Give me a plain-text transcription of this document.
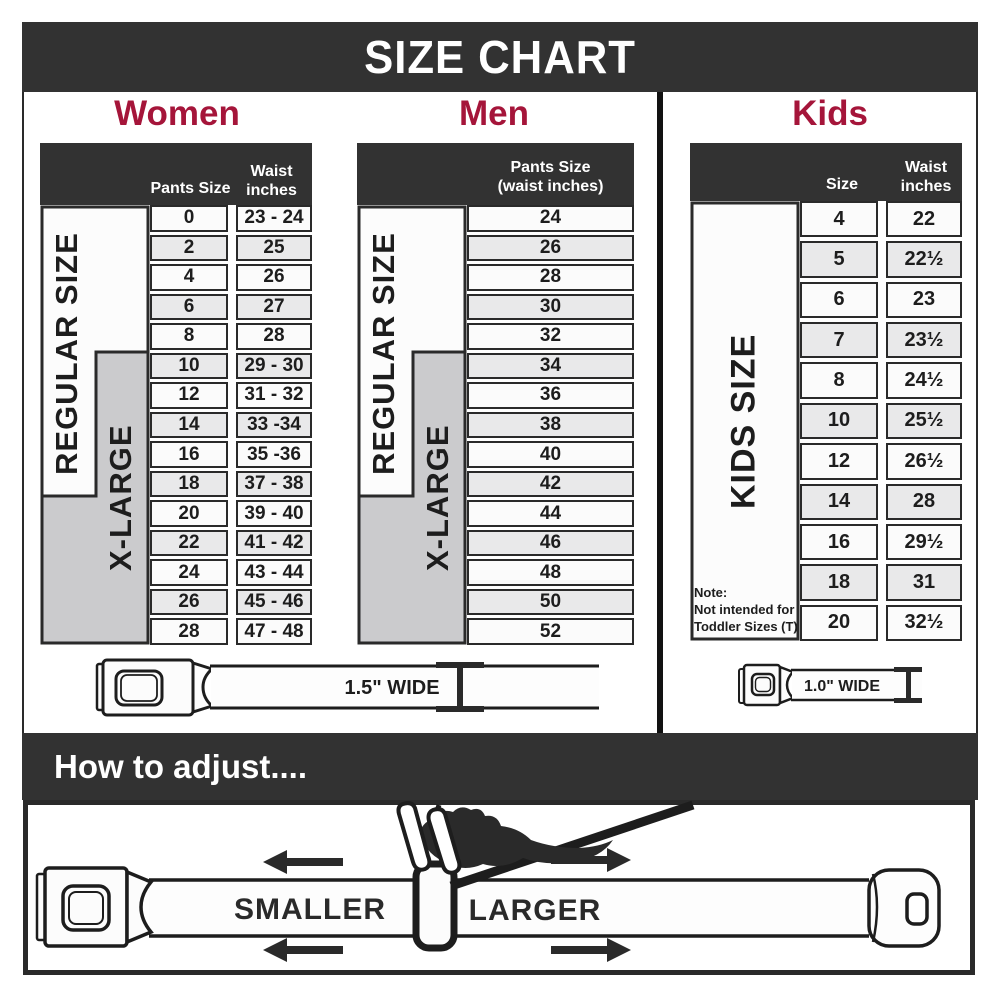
SIZE CHART
Women	Men	Kids
Pants Size
Waist
inches
REGULAR SIZE
X-LARGE
0	23 - 24
2	25
4	26
6	27
8	28
10	29 - 30
12	31 - 32
14	33 -34
16	35 -36
18	37 - 38
20	39 - 40
22	41 - 42
24	43 - 44
26	45 - 46
28	47 - 48
Pants Size
(waist inches)
REGULAR SIZE
X-LARGE
24
26
28
30
32
34
36
38
40
42
44
46
48
50
52
Size
Waist
inches
KIDS SIZE
Note:
Not intended for
Toddler Sizes (T)
4	22
5	22½
6	23
7	23½
8	24½
10	25½
12	26½
14	28
16	29½
18	31
20	32½
1.5" WIDE	1.0" WIDE
How to adjust....
SMALLER	LARGER
